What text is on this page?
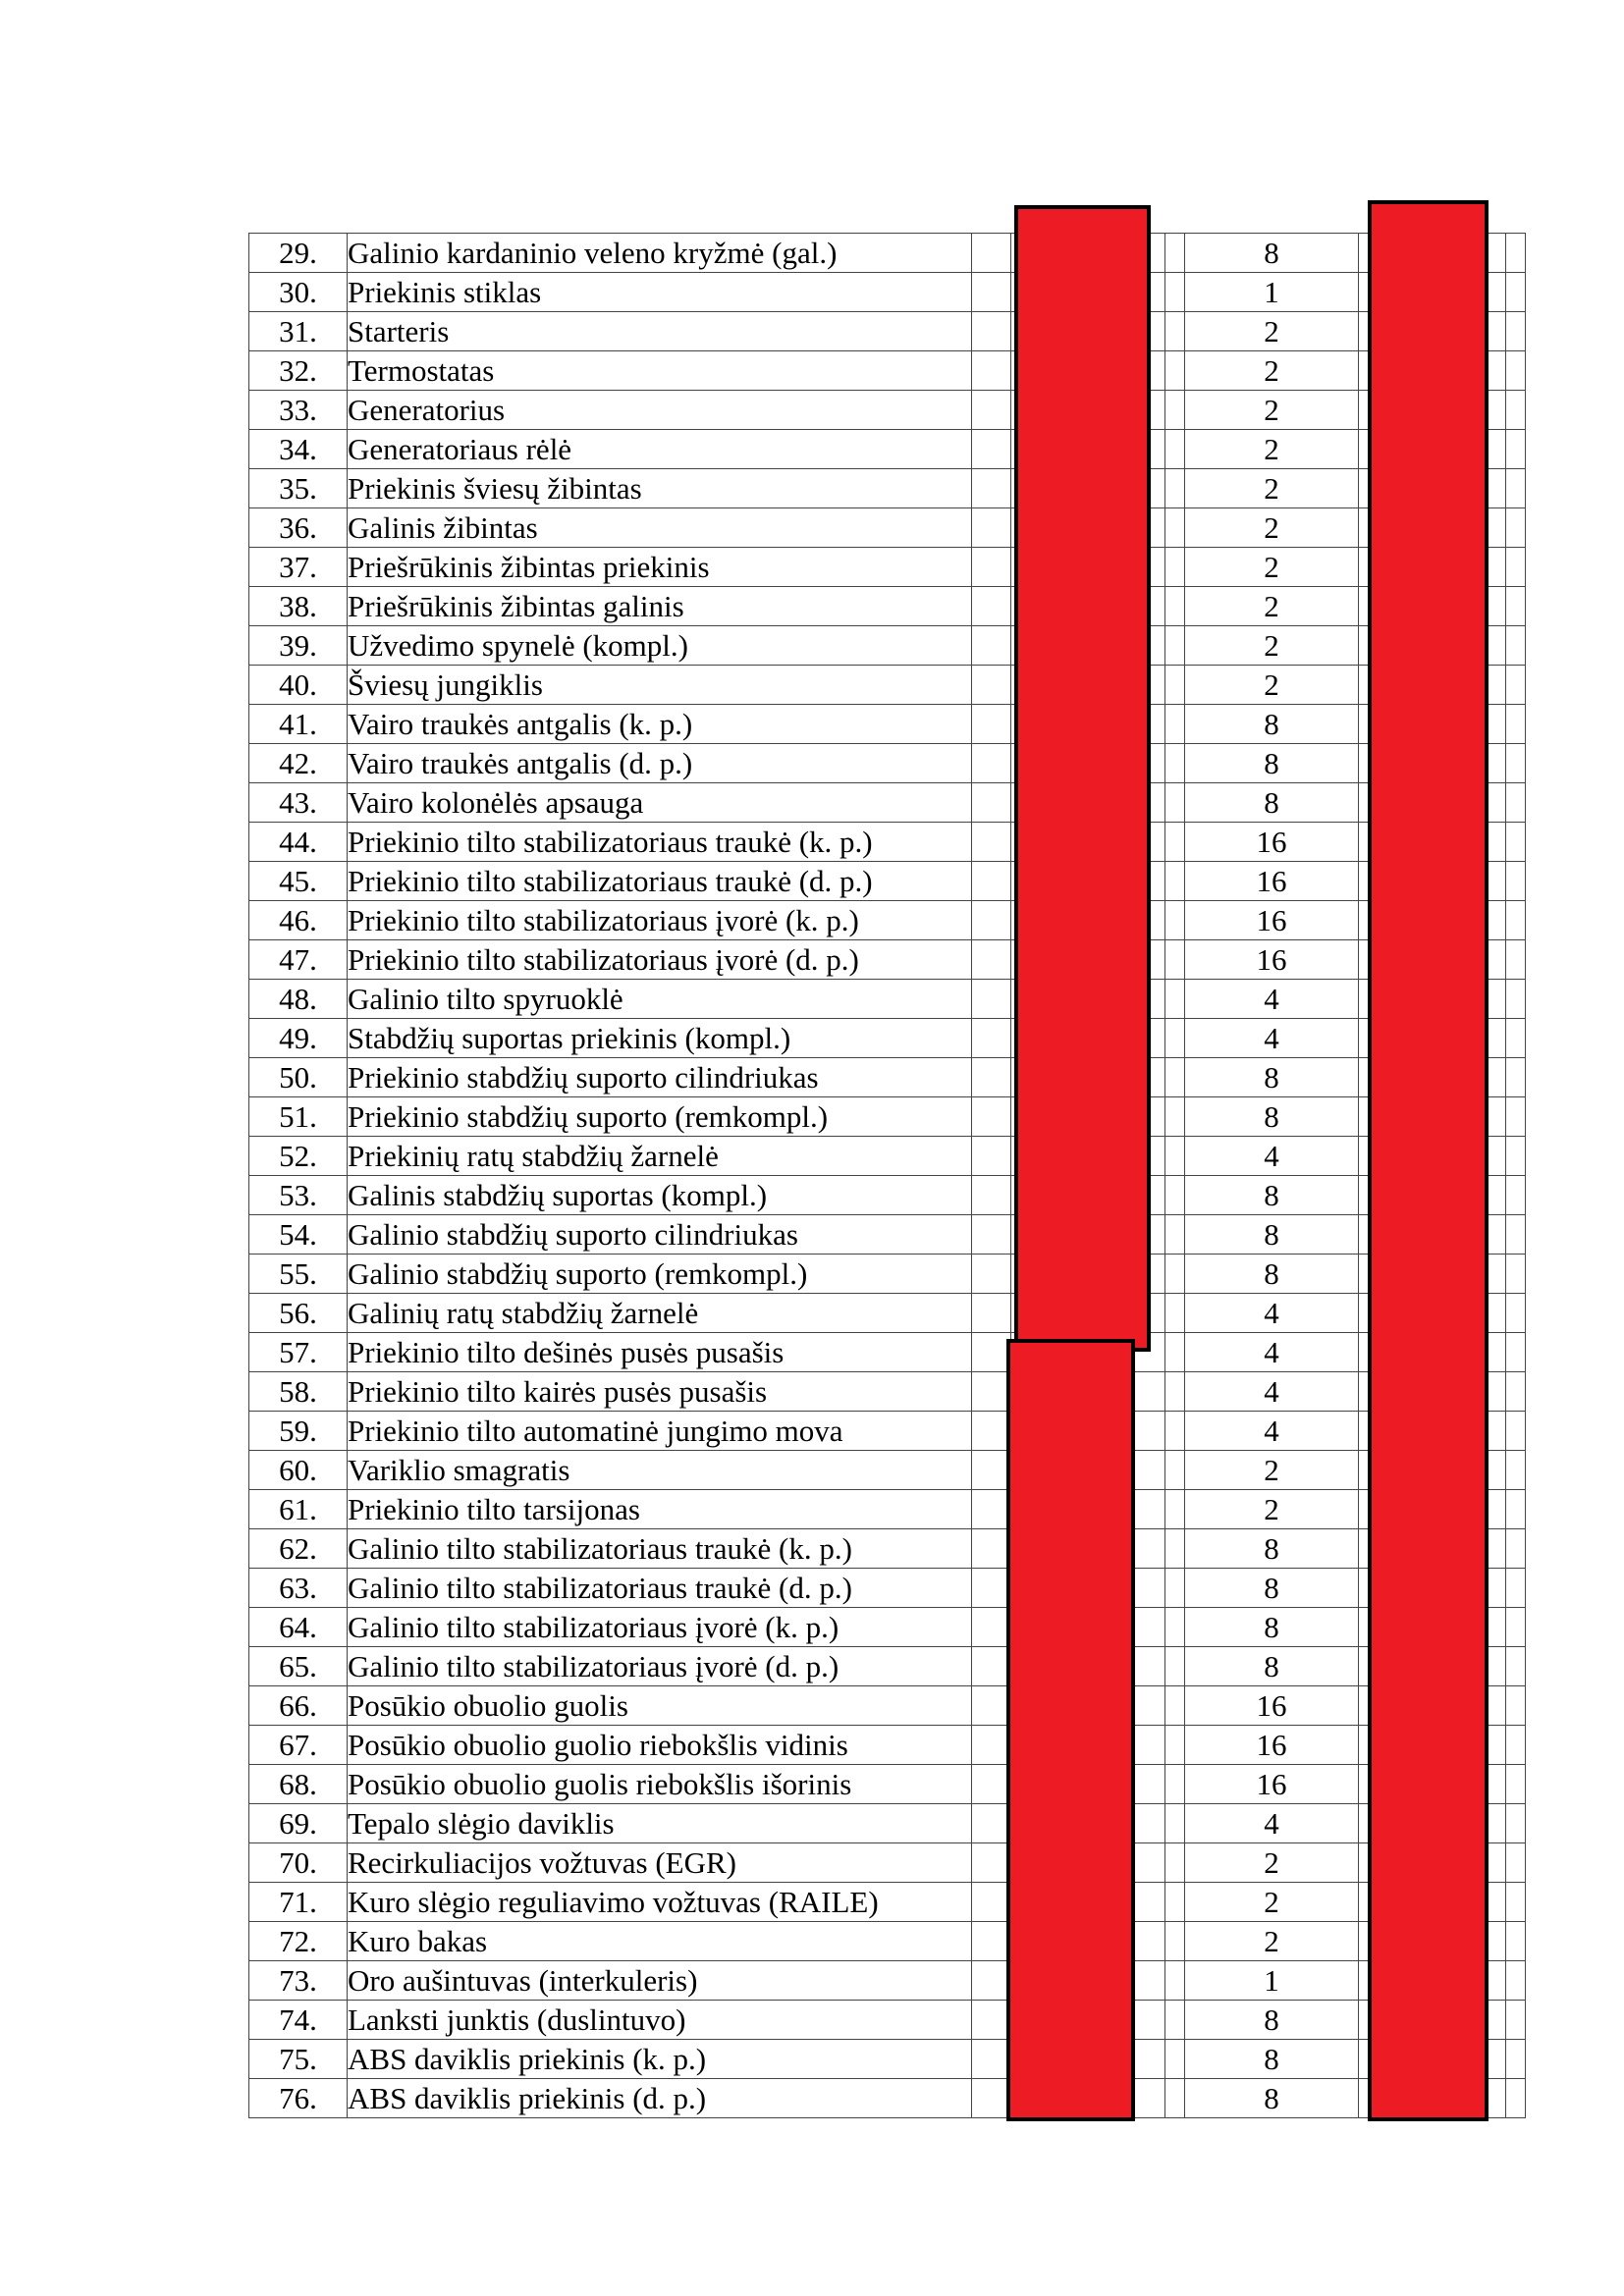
29.	Galinio kardaninio veleno kryžmė (gal.)				8			
30.	Priekinis stiklas				1			
31.	Starteris				2			
32.	Termostatas				2			
33.	Generatorius				2			
34.	Generatoriaus rėlė				2			
35.	Priekinis šviesų žibintas				2			
36.	Galinis žibintas				2			
37.	Priešrūkinis žibintas priekinis				2			
38.	Priešrūkinis žibintas galinis				2			
39.	Užvedimo spynelė (kompl.)				2			
40.	Šviesų jungiklis				2			
41.	Vairo traukės antgalis (k. p.)				8			
42.	Vairo traukės antgalis (d. p.)				8			
43.	Vairo kolonėlės apsauga				8			
44.	Priekinio tilto stabilizatoriaus traukė (k. p.)				16			
45.	Priekinio tilto stabilizatoriaus traukė (d. p.)				16			
46.	Priekinio tilto stabilizatoriaus įvorė (k. p.)				16			
47.	Priekinio tilto stabilizatoriaus įvorė (d. p.)				16			
48.	Galinio tilto spyruoklė				4			
49.	Stabdžių suportas priekinis (kompl.)				4			
50.	Priekinio stabdžių suporto cilindriukas				8			
51.	Priekinio stabdžių suporto (remkompl.)				8			
52.	Priekinių ratų stabdžių žarnelė				4			
53.	Galinis stabdžių suportas (kompl.)				8			
54.	Galinio stabdžių suporto cilindriukas				8			
55.	Galinio stabdžių suporto (remkompl.)				8			
56.	Galinių ratų stabdžių žarnelė				4			
57.	Priekinio tilto dešinės pusės pusašis				4			
58.	Priekinio tilto kairės pusės pusašis				4			
59.	Priekinio tilto automatinė jungimo mova				4			
60.	Variklio smagratis				2			
61.	Priekinio tilto tarsijonas				2			
62.	Galinio tilto stabilizatoriaus traukė (k. p.)				8			
63.	Galinio tilto stabilizatoriaus traukė (d. p.)				8			
64.	Galinio tilto stabilizatoriaus įvorė (k. p.)				8			
65.	Galinio tilto stabilizatoriaus įvorė (d. p.)				8			
66.	Posūkio obuolio guolis				16			
67.	Posūkio obuolio guolio riebokšlis vidinis				16			
68.	Posūkio obuolio guolis riebokšlis išorinis				16			
69.	Tepalo slėgio daviklis				4			
70.	Recirkuliacijos vožtuvas (EGR)				2			
71.	Kuro slėgio reguliavimo vožtuvas (RAILE)				2			
72.	Kuro bakas				2			
73.	Oro aušintuvas (interkuleris)				1			
74.	Lanksti junktis (duslintuvo)				8			
75.	ABS daviklis priekinis (k. p.)				8			
76.	ABS daviklis priekinis (d. p.)				8			
